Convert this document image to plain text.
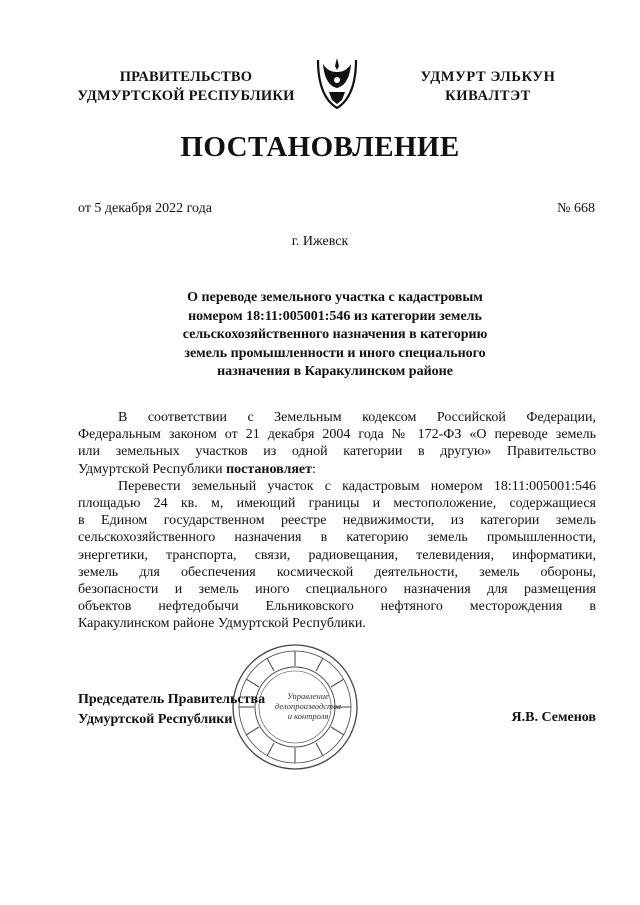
ПРАВИТЕЛЬСТВО
УДМУРТСКОЙ РЕСПУБЛИКИ
УДМУРТ ЭЛЬКУН
КИВАЛТЭТ
ПОСТАНОВЛЕНИЕ
от 5 декабря 2022 года	№ 668
г. Ижевск
О переводе земельного участка с кадастровым
номером 18:11:005001:546 из категории земель
сельскохозяйственного назначения в категорию
земель промышленности и иного специального
назначения в Каракулинском районе
В соответствии с Земельным кодексом Российской Федерации,
Федеральным законом от 21 декабря 2004 года № 172-ФЗ «О переводе земель
или земельных участков из одной категории в другую» Правительство
Удмуртской Республики постановляет:
Перевести земельный участок с кадастровым номером 18:11:005001:546
площадью 24 кв. м, имеющий границы и местоположение, содержащиеся
в Едином государственном реестре недвижимости, из категории земель
сельскохозяйственного назначения в категорию земель промышленности,
энергетики, транспорта, связи, радиовещания, телевидения, информатики,
земель для обеспечения космической деятельности, земель обороны,
безопасности и земель иного специального назначения для размещения
объектов нефтедобычи Ельниковского нефтяного месторождения в
Каракулинском районе Удмуртской Республики.
Управление
делопроизводства
и контроля
Председатель Правительства
Удмуртской Республики	Я.В. Семенов
